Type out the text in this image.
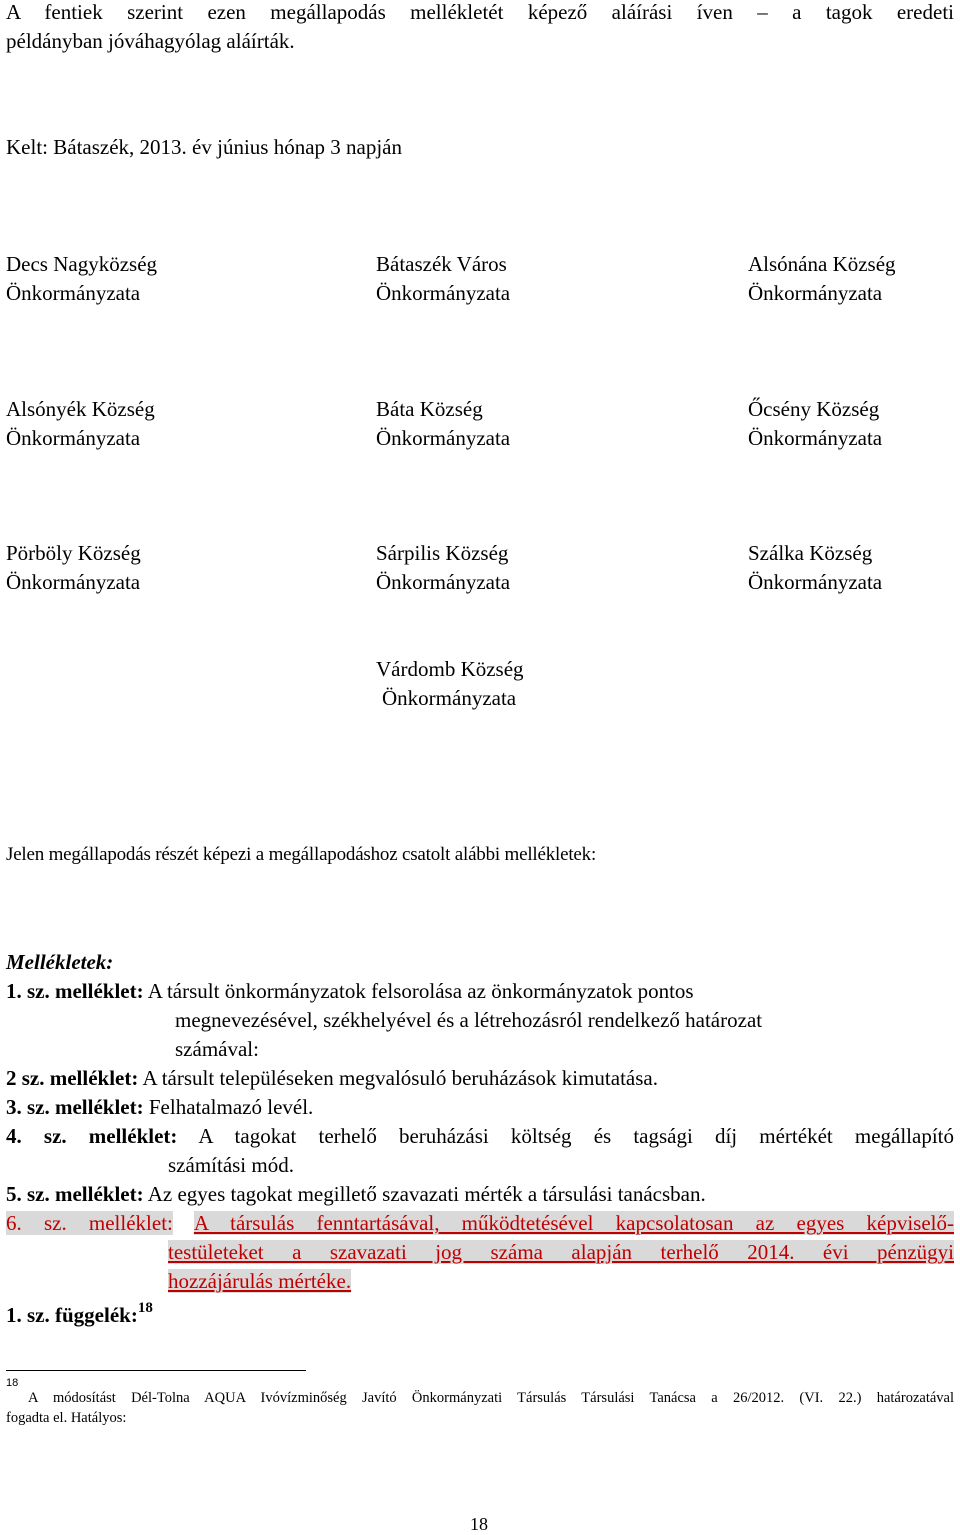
A fentiek szerint ezen megállapodás mellékletét képező aláírási íven – a tagok eredeti
példányban jóváhagyólag aláírták.
Kelt: Bátaszék, 2013. év június hónap 3 napján
Decs Nagyközség
Önkormányzata
Bátaszék Város
Önkormányzata
Alsónána Község
Önkormányzata
Alsónyék Község
Önkormányzata
Báta Község
Önkormányzata
Őcsény Község
Önkormányzata
Pörböly Község
Önkormányzata
Sárpilis Község
Önkormányzata
Szálka Község
Önkormányzata
Várdomb Község
Önkormányzata
Jelen megállapodás részét képezi a megállapodáshoz csatolt alábbi mellékletek:
Mellékletek:
1. sz. melléklet: A társult önkormányzatok felsorolása az önkormányzatok pontos
megnevezésével, székhelyével és a létrehozásról rendelkező határozat
számával:
2 sz. melléklet: A társult településeken megvalósuló beruházások kimutatása.
3. sz. melléklet: Felhatalmazó levél.
4. sz. melléklet: A tagokat terhelő beruházási költség és tagsági díj mértékét megállapító
számítási mód.
5. sz. melléklet: Az egyes tagokat megillető szavazati mérték a társulási tanácsban.
6. sz. melléklet: A társulás fenntartásával, működtetésével kapcsolatosan az egyes képviselő-
testületeket a szavazati jog száma alapján terhelő 2014. évi pénzügyi
hozzájárulás mértéke.
1. sz. függelék:$^{18}$
18
A módosítást Dél-Tolna AQUA Ivóvízminőség Javító Önkormányzati Társulás Társulási Tanácsa a 26/2012. (VI. 22.) határozatával
fogadta el. Hatályos:
18
